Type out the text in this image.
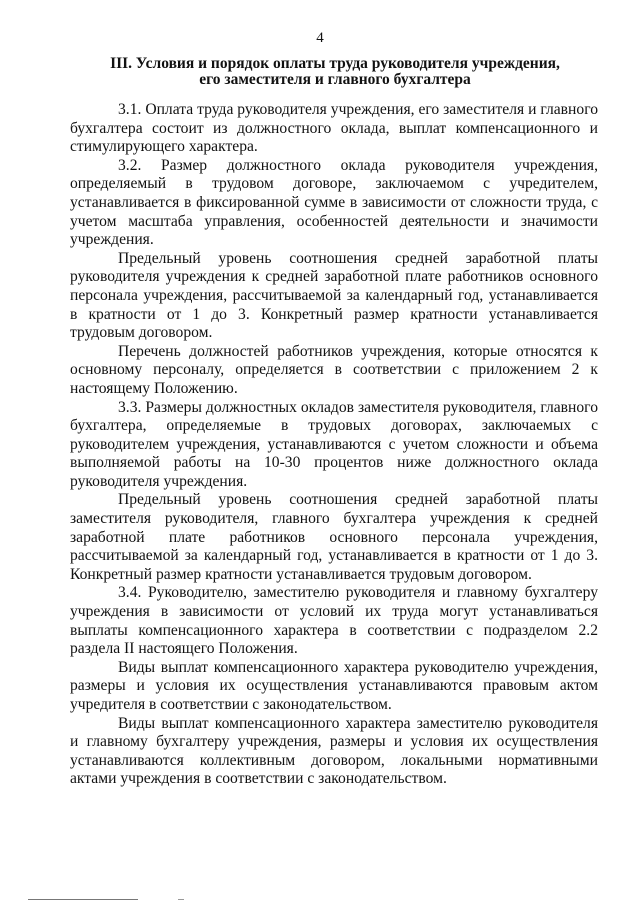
4
III. Условия и порядок оплаты труда руководителя учреждения,
его заместителя и главного бухгалтера

3.1. Оплата труда руководителя учреждения, его заместителя и главного бухгалтера состоит из должностного оклада, выплат компенсационного и стимулирующего характера.

3.2. Размер должностного оклада руководителя учреждения, определяемый в трудовом договоре, заключаемом с учредителем, устанавливается в фиксированной сумме в зависимости от сложности труда, с учетом масштаба управления, особенностей деятельности и значимости учреждения.

Предельный уровень соотношения средней заработной платы руководителя учреждения к средней заработной плате работников основного персонала учреждения, рассчитываемой за календарный год, устанавливается в кратности от 1 до 3. Конкретный размер кратности устанавливается трудовым договором.

Перечень должностей работников учреждения, которые относятся к основному персоналу, определяется в соответствии с приложением 2 к настоящему Положению.

3.3. Размеры должностных окладов заместителя руководителя, главного бухгалтера, определяемые в трудовых договорах, заключаемых с руководителем учреждения, устанавливаются с учетом сложности и объема выполняемой работы на 10-30 процентов ниже должностного оклада руководителя учреждения.

Предельный уровень соотношения средней заработной платы заместителя руководителя, главного бухгалтера учреждения к средней заработной плате работников основного персонала учреждения, рассчитываемой за календарный год, устанавливается в кратности от 1 до 3. Конкретный размер кратности устанавливается трудовым договором.

3.4. Руководителю, заместителю руководителя и главному бухгалтеру учреждения в зависимости от условий их труда могут устанавливаться выплаты компенсационного характера в соответствии с подразделом 2.2 раздела II настоящего Положения.

Виды выплат компенсационного характера руководителю учреждения, размеры и условия их осуществления устанавливаются правовым актом учредителя в соответствии с законодательством.

Виды выплат компенсационного характера заместителю руководителя и главному бухгалтеру учреждения, размеры и условия их осуществления устанавливаются коллективным договором, локальными нормативными актами учреждения в соответствии с законодательством.
